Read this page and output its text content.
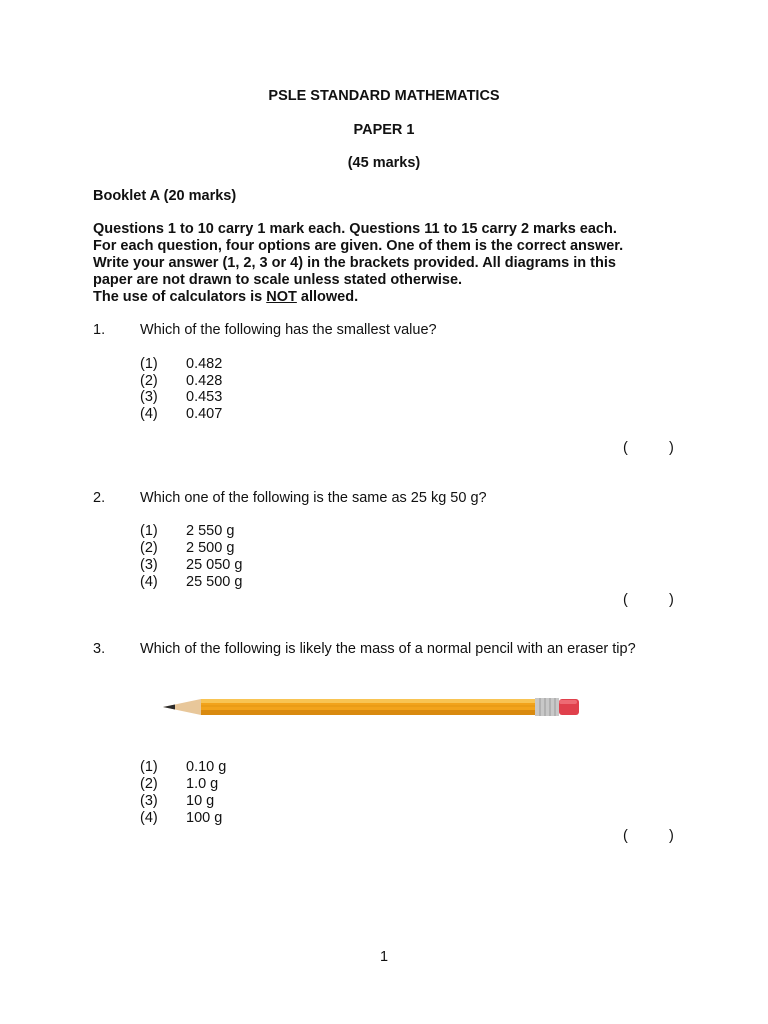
PSLE STANDARD MATHEMATICS
PAPER 1
(45 marks)
Booklet A (20 marks)
Questions 1 to 10 carry 1 mark each. Questions 11 to 15 carry 2 marks each.
For each question, four options are given. One of them is the correct answer.
Write your answer (1, 2, 3 or 4) in the brackets provided. All diagrams in this
paper are not drawn to scale unless stated otherwise.
The use of calculators is NOT allowed.
1. Which of the following has the smallest value?
(1) 0.482
(2) 0.428
(3) 0.453
(4) 0.407
(	)
2. Which one of the following is the same as 25 kg 50 g?
(1) 2 550 g
(2) 2 500 g
(3) 25 050 g
(4) 25 500 g
(	)
3. Which of the following is likely the mass of a normal pencil with an eraser tip?
(1) 0.10 g
(2) 1.0 g
(3) 10 g
(4) 100 g
(	)
1
